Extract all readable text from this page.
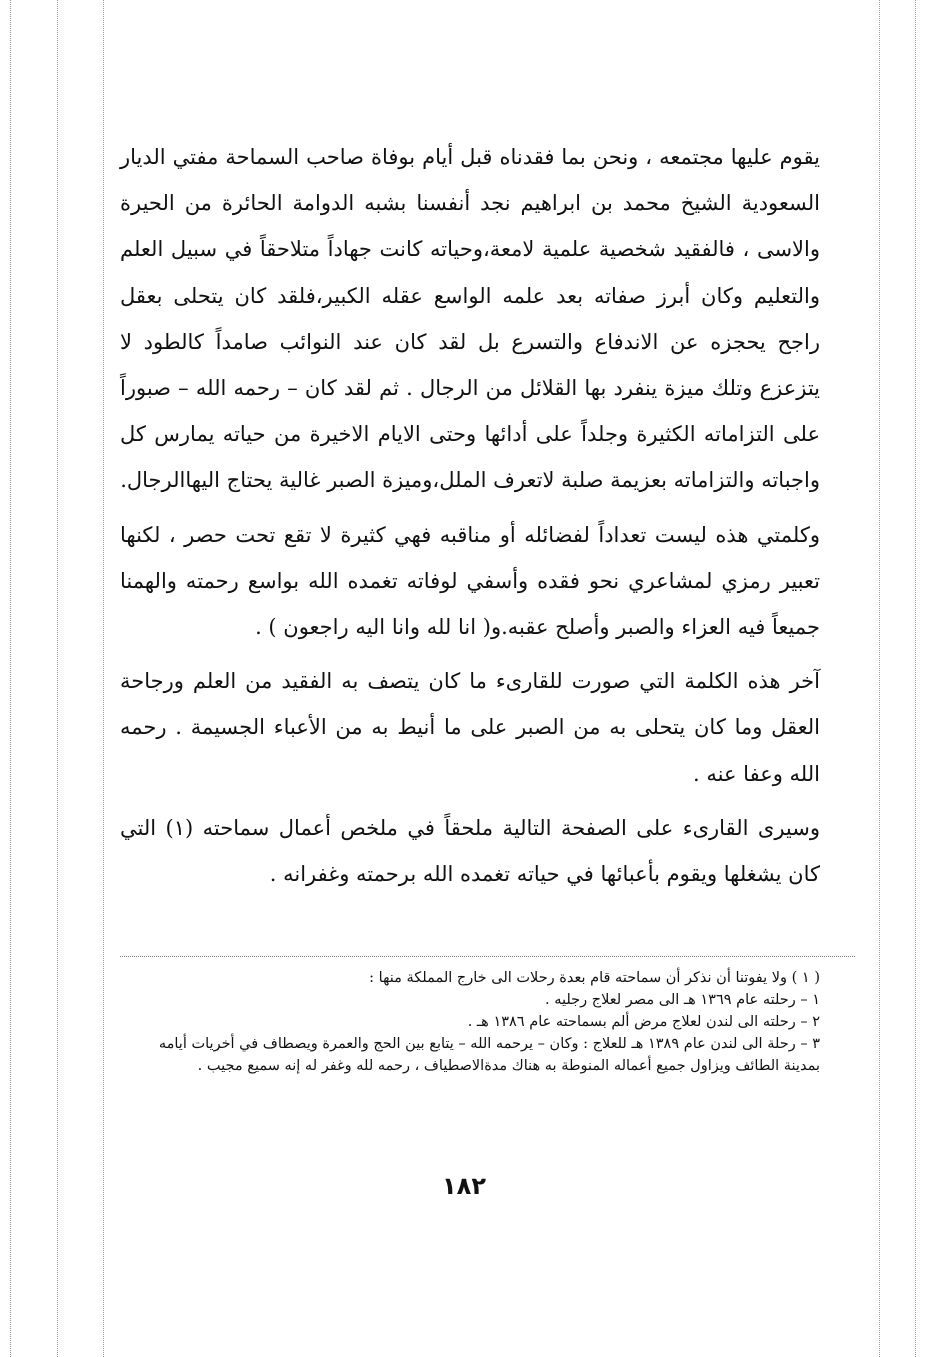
يقوم عليها مجتمعه ، ونحن بما فقدناه قبل أيام بوفاة صاحب السماحة مفتي الديار السعودية الشيخ محمد بن ابراهيم نجد أنفسنا بشبه الدوامة الحائرة من الحيرة والاسى ، فالفقيد شخصية علمية لامعة،وحياته كانت جهاداً متلاحقاً في سبيل العلم والتعليم وكان أبرز صفاته بعد علمه الواسع عقله الكبير،فلقد كان يتحلى بعقل راجح يحجزه عن الاندفاع والتسرع بل لقد كان عند النوائب صامداً كالطود لا يتزعزع وتلك ميزة ينفرد بها القلائل من الرجال . ثم لقد كان – رحمه الله – صبوراً على التزاماته الكثيرة وجلداً على أدائها وحتى الايام الاخيرة من حياته يمارس كل واجباته والتزاماته بعزيمة صلبة لاتعرف الملل،وميزة الصبر غالية يحتاج اليهاالرجال.

وكلمتي هذه ليست تعداداً لفضائله أو مناقبه فهي كثيرة لا تقع تحت حصر ، لكنها تعبير رمزي لمشاعري نحو فقده وأسفي لوفاته تغمده الله بواسع رحمته والهمنا جميعاً فيه العزاء والصبر وأصلح عقبه.و( انا لله وانا اليه راجعون ) .

آخر هذه الكلمة التي صورت للقارىء ما كان يتصف به الفقيد من العلم ورجاحة العقل وما كان يتحلى به من الصبر على ما أنيط به من الأعباء الجسيمة . رحمه الله وعفا عنه .

وسيرى القارىء على الصفحة التالية ملحقاً في ملخص أعمال سماحته (١) التي كان يشغلها ويقوم بأعبائها في حياته تغمده الله برحمته وغفرانه .

( ١ ) ولا يفوتنا أن نذكر أن سماحته قام بعدة رحلات الى خارج المملكة منها :

١ – رحلته عام ١٣٦٩ هـ الى مصر لعلاج رجليه .

٢ – رحلته الى لندن لعلاج مرض ألم بسماحته عام ١٣٨٦ هـ .

٣ – رحلة الى لندن عام ١٣٨٩ هـ للعلاج : وكان – يرحمه الله – يتابع بين الحج والعمرة ويصطاف في أخريات أيامه بمدينة الطائف ويزاول جميع أعماله المنوطة به هناك مدةالاصطياف ، رحمه لله وغفر له إنه سميع مجيب .

١٨٢
